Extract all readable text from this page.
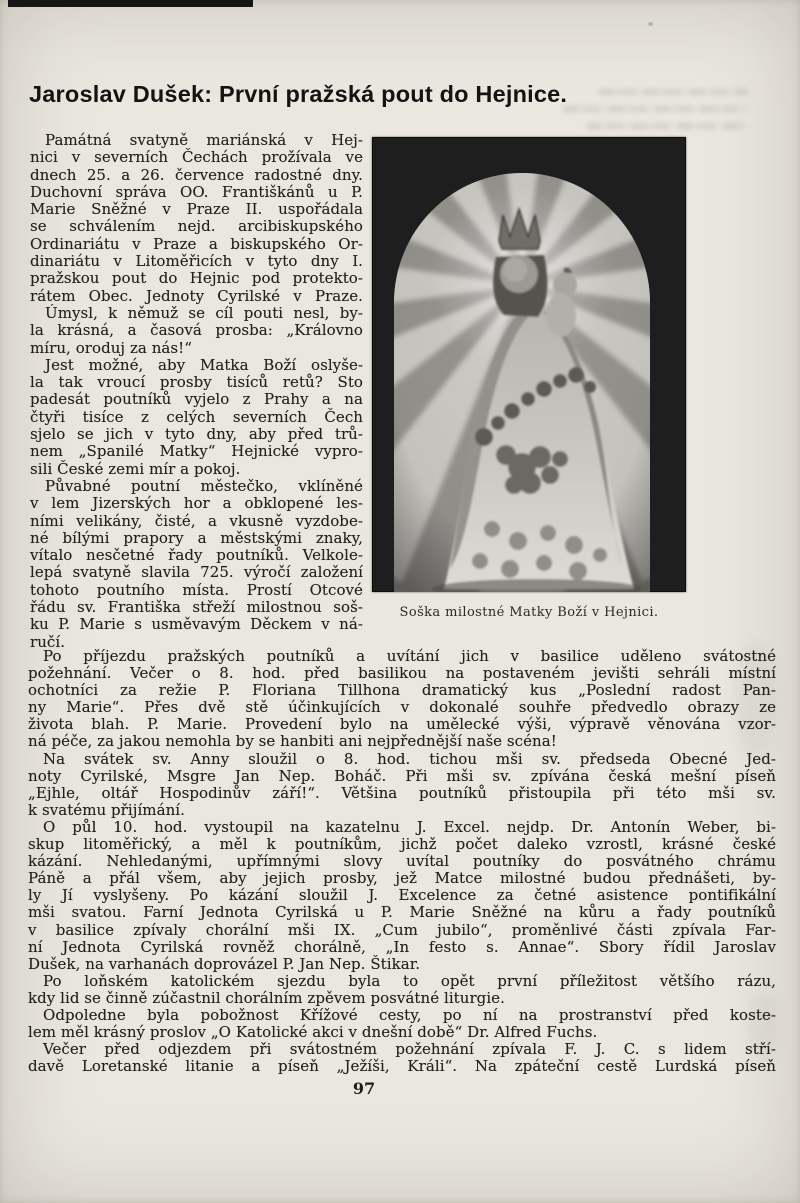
Jaroslav Dušek: První pražská pout do Hejnice.
Památná svatyně mariánská v Hej-
nici v severních Čechách prožívala ve
dnech 25. a 26. července radostné dny.
Duchovní správa OO. Františkánů u P.
Marie Sněžné v Praze II. uspořádala
se schválením nejd. arcibiskupského
Ordinariátu v Praze a biskupského Or-
dinariátu v Litoměřicích v tyto dny I.
pražskou pout do Hejnic pod protekto-
rátem Obec. Jednoty Cyrilské v Praze.
Úmysl, k němuž se cíl pouti nesl, by-
la krásná, a časová prosba: „Královno
míru, oroduj za nás!“
Jest možné, aby Matka Boží oslyše-
la tak vroucí prosby tisíců retů? Sto
padesát poutníků vyjelo z Prahy a na
čtyři tisíce z celých severních Čech
sjelo se jich v tyto dny, aby před trů-
nem „Spanilé Matky“ Hejnické vypro-
sili České zemi mír a pokoj.
Půvabné poutní městečko, vklíněné
v lem Jizerských hor a obklopené les-
ními velikány, čisté, a vkusně vyzdobe-
né bílými prapory a městskými znaky,
vítalo nesčetné řady poutníků. Velkole-
lepá svatyně slavila 725. výročí založení
tohoto poutního místa. Prostí Otcové
řádu sv. Františka střeží milostnou soš-
ku P. Marie s usměvavým Děckem v ná-
ručí.
Soška milostné Matky Boží v Hejnici.
Po příjezdu pražských poutníků a uvítání jich v basilice uděleno svátostné
požehnání. Večer o 8. hod. před basilikou na postaveném jevišti sehráli místní
ochotníci za režie P. Floriana Tillhona dramatický kus „Poslední radost Pan-
ny Marie“. Přes dvě stě účinkujících v dokonalé souhře předvedlo obrazy ze
života blah. P. Marie. Provedení bylo na umělecké výši, výpravě věnována vzor-
ná péče, za jakou nemohla by se hanbiti ani nejpřednější naše scéna!
Na svátek sv. Anny sloužil o 8. hod. tichou mši sv. předseda Obecné Jed-
noty Cyrilské, Msgre Jan Nep. Boháč. Při mši sv. zpívána česká mešní píseň
„Ejhle, oltář Hospodinův září!“. Většina poutníků přistoupila při této mši sv.
k svatému přijímání.
O půl 10. hod. vystoupil na kazatelnu J. Excel. nejdp. Dr. Antonín Weber, bi-
skup litoměřický, a měl k poutníkům, jichž počet daleko vzrostl, krásné české
kázání. Nehledanými, upřímnými slovy uvítal poutníky do posvátného chrámu
Páně a přál všem, aby jejich prosby, jež Matce milostné budou přednášeti, by-
ly Jí vyslyšeny. Po kázání sloužil J. Excelence za četné asistence pontifikální
mši svatou. Farní Jednota Cyrilská u P. Marie Sněžné na kůru a řady poutníků
v basilice zpívaly chorální mši IX. „Cum jubilo“, proměnlivé části zpívala Far-
ní Jednota Cyrilská rovněž chorálně, „In festo s. Annae“. Sbory řídil Jaroslav
Dušek, na varhanách doprovázel P. Jan Nep. Štikar.
Po loňském katolickém sjezdu byla to opět první příležitost většího rázu,
kdy lid se činně zúčastnil chorálním zpěvem posvátné liturgie.
Odpoledne byla pobožnost Křížové cesty, po ní na prostranství před koste-
lem měl krásný proslov „O Katolické akci v dnešní době“ Dr. Alfred Fuchs.
Večer před odjezdem při svátostném požehnání zpívala F. J. C. s lidem stří-
davě Loretanské litanie a píseň „Ježíši, Králi“. Na zpáteční cestě Lurdská píseň
97
